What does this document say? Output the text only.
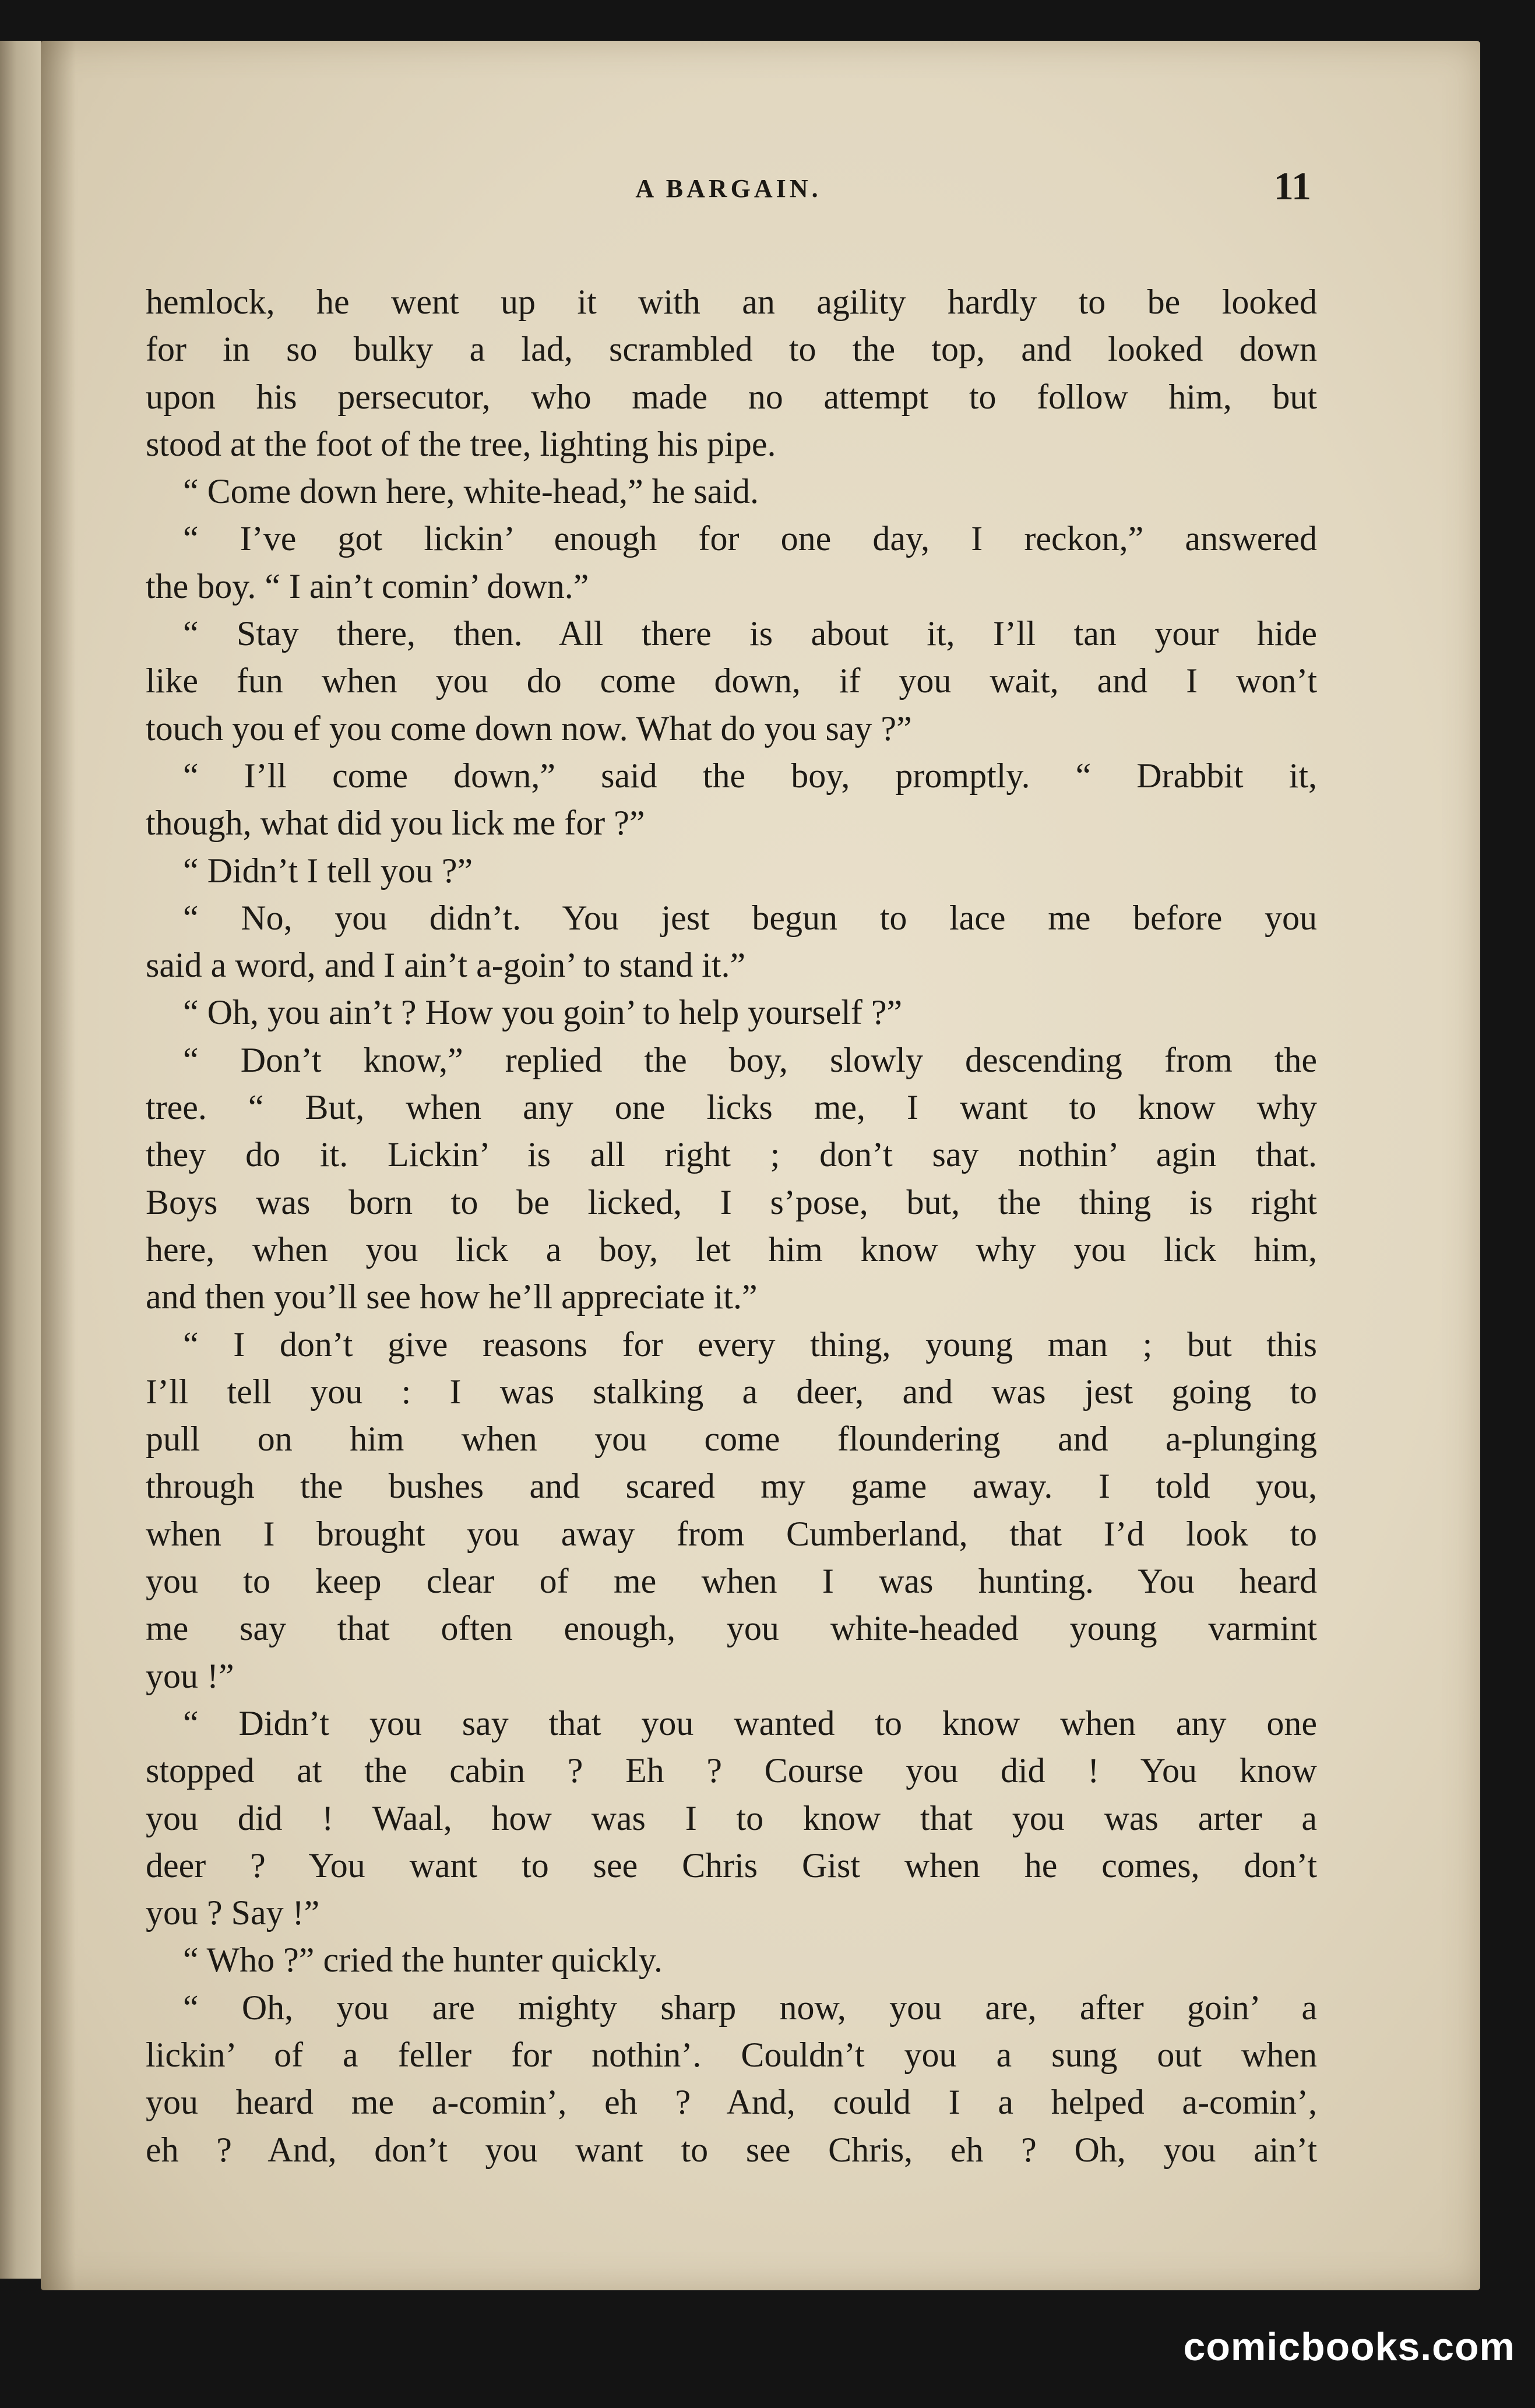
A BARGAIN.	11
hemlock, he went up it with an agility hardly to be looked
for in so bulky a lad, scrambled to the top, and looked down
upon his persecutor, who made no attempt to follow him, but
stood at the foot of the tree, lighting his pipe.
“ Come down here, white-head,” he said.
“ I’ve got lickin’ enough for one day, I reckon,” answered
the boy. “ I ain’t comin’ down.”
“ Stay there, then. All there is about it, I’ll tan your hide
like fun when you do come down, if you wait, and I won’t
touch you ef you come down now. What do you say ?”
“ I’ll come down,” said the boy, promptly. “ Drabbit it,
though, what did you lick me for ?”
“ Didn’t I tell you ?”
“ No, you didn’t. You jest begun to lace me before you
said a word, and I ain’t a-goin’ to stand it.”
“ Oh, you ain’t ? How you goin’ to help yourself ?”
“ Don’t know,” replied the boy, slowly descending from the
tree. “ But, when any one licks me, I want to know why
they do it. Lickin’ is all right ; don’t say nothin’ agin that.
Boys was born to be licked, I s’pose, but, the thing is right
here, when you lick a boy, let him know why you lick him,
and then you’ll see how he’ll appreciate it.”
“ I don’t give reasons for every thing, young man ; but this
I’ll tell you : I was stalking a deer, and was jest going to
pull on him when you come floundering and a-plunging
through the bushes and scared my game away. I told you,
when I brought you away from Cumberland, that I’d look to
you to keep clear of me when I was hunting. You heard
me say that often enough, you white-headed young varmint
you !”
“ Didn’t you say that you wanted to know when any one
stopped at the cabin ? Eh ? Course you did ! You know
you did ! Waal, how was I to know that you was arter a
deer ? You want to see Chris Gist when he comes, don’t
you ? Say !”
“ Who ?” cried the hunter quickly.
“ Oh, you are mighty sharp now, you are, after goin’ a
lickin’ of a feller for nothin’. Couldn’t you a sung out when
you heard me a-comin’, eh ? And, could I a helped a-comin’,
eh ? And, don’t you want to see Chris, eh ? Oh, you ain’t
comicbooks.com
